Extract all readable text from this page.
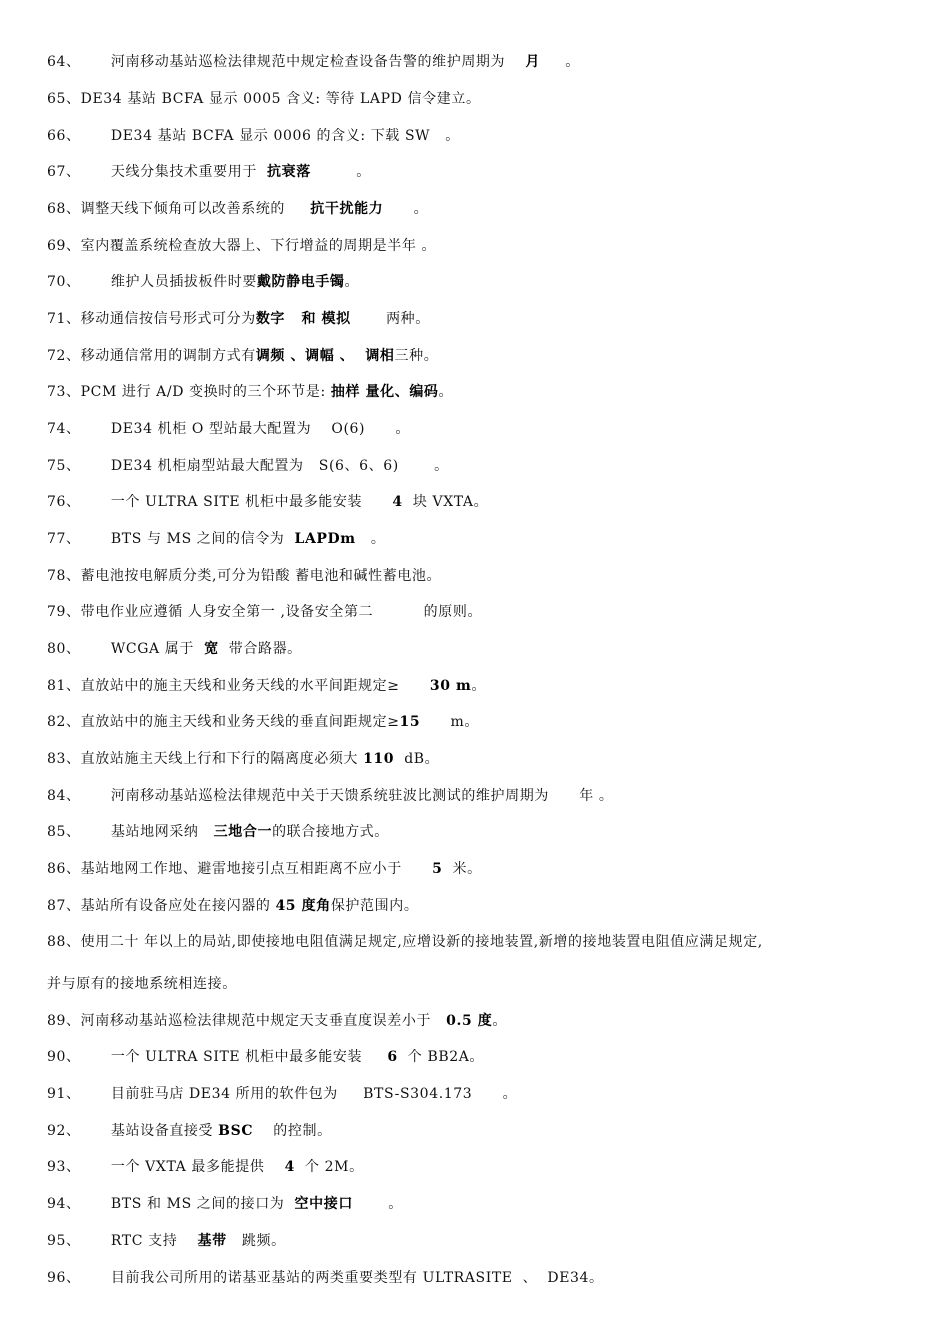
64、      河南移动基站巡检法律规范中规定检查设备告警的维护周期为    月     。
65、DE34 基站 BCFA 显示 0005 含义: 等待 LAPD 信令建立。
66、      DE34 基站 BCFA 显示 0006 的含义: 下载 SW   。
67、      天线分集技术重要用于  抗衰落         。
68、调整天线下倾角可以改善系统的     抗干扰能力      。
69、室内覆盖系统检查放大器上、下行增益的周期是半年 。
70、      维护人员插拔板件时要戴防静电手镯。
71、移动通信按信号形式可分为数字   和 模拟       两种。
72、移动通信常用的调制方式有调频 、调幅 、  调相三种。
73、PCM 进行 A/D 变换时的三个环节是: 抽样 量化、编码。
74、      DE34 机柜 O 型站最大配置为    O(6)      。
75、      DE34 机柜扇型站最大配置为   S(6、6、6)       。
76、      一个 ULTRA SITE 机柜中最多能安装      4  块 VXTA。
77、      BTS 与 MS 之间的信令为  LAPDm   。
78、蓄电池按电解质分类,可分为铅酸 蓄电池和碱性蓄电池。
79、带电作业应遵循 人身安全第一 ,设备安全第二          的原则。
80、      WCGA 属于  宽  带合路器。
81、直放站中的施主天线和业务天线的水平间距规定≥      30 m。
82、直放站中的施主天线和业务天线的垂直间距规定≥15      m。
83、直放站施主天线上行和下行的隔离度必须大 110  dB。
84、      河南移动基站巡检法律规范中关于天馈系统驻波比测试的维护周期为      年 。
85、      基站地网采纳   三地合一的联合接地方式。
86、基站地网工作地、避雷地接引点互相距离不应小于      5  米。
87、基站所有设备应处在接闪器的 45 度角保护范围内。
88、使用二十 年以上的局站,即使接地电阻值满足规定,应增设新的接地装置,新增的接地装置电阻值应满足规定,
并与原有的接地系统相连接。
89、河南移动基站巡检法律规范中规定天支垂直度误差小于   0.5 度。
90、      一个 ULTRA SITE 机柜中最多能安装     6  个 BB2A。
91、      目前驻马店 DE34 所用的软件包为     BTS-S304.173      。
92、      基站设备直接受 BSC    的控制。
93、      一个 VXTA 最多能提供    4  个 2M。
94、      BTS 和 MS 之间的接口为  空中接口       。
95、      RTC 支持    基带   跳频。
96、      目前我公司所用的诺基亚基站的两类重要类型有 ULTRASITE  、  DE34。
